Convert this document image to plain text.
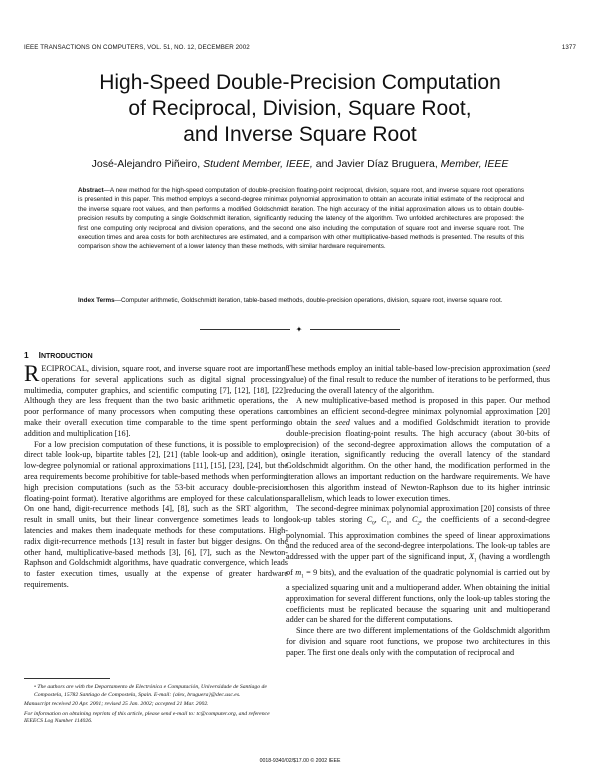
IEEE TRANSACTIONS ON COMPUTERS, VOL. 51, NO. 12, DECEMBER 2002	1377
High-Speed Double-Precision Computation
of Reciprocal, Division, Square Root,
and Inverse Square Root
José-Alejandro Piñeiro, Student Member, IEEE, and Javier Díaz Bruguera, Member, IEEE
Abstract—A new method for the high-speed computation of double-precision floating-point reciprocal, division, square root, and inverse square root operations is presented in this paper. This method employs a second-degree minimax polynomial approximation to obtain an accurate initial estimate of the reciprocal and the inverse square root values, and then performs a modified Goldschmidt iteration. The high accuracy of the initial approximation allows us to obtain double-precision results by computing a single Goldschmidt iteration, significantly reducing the latency of the algorithm. Two unfolded architectures are proposed: the first one computing only reciprocal and division operations, and the second one also including the computation of square root and inverse square root. The execution times and area costs for both architectures are estimated, and a comparison with other multiplicative-based methods is presented. The results of this comparison show the achievement of a lower latency than these methods, with similar hardware requirements.
Index Terms—Computer arithmetic, Goldschmidt iteration, table-based methods, double-precision operations, division, square root, inverse square root.
✦
1 INTRODUCTION

RECIPROCAL, division, square root, and inverse square root are important operations for several applications such as digital signal processing, multimedia, computer graphics, and scientific computing [7], [12], [18], [22]. Although they are less frequent than the two basic arithmetic operations, the poor performance of many processors when computing these operations can make their overall execution time comparable to the time spent performing addition and multiplication [16].

For a low precision computation of these functions, it is possible to employ direct table look-up, bipartite tables [2], [21] (table look-up and addition), or low-degree polynomial or rational approximations [11], [15], [23], [24], but the area requirements become prohibitive for table-based methods when performing high precision computations (such as the 53-bit accuracy double-precision floating-point format). Iterative algorithms are employed for these calculations. On one hand, digit-recurrence methods [4], [8], such as the SRT algorithm, result in small units, but their linear convergence sometimes leads to long latencies and makes them inadequate methods for these computations. High-radix digit-recurrence methods [13] result in faster but bigger designs. On the other hand, multiplicative-based methods [3], [6], [7], such as the Newton-Raphson and Goldschmidt algorithms, have quadratic convergence, which leads to faster execution times, usually at the expense of greater hardware requirements.

These methods employ an initial table-based low-precision approximation (seed value) of the final result to reduce the number of iterations to be performed, thus reducing the overall latency of the algorithm.

A new multiplicative-based method is proposed in this paper. Our method combines an efficient second-degree minimax polynomial approximation [20] to obtain the seed values and a modified Goldschmidt iteration to provide double-precision floating-point results. The high accuracy (about 30-bits of precision) of the second-degree approximation allows the computation of a single iteration, significantly reducing the overall latency of the standard Goldschmidt algorithm. On the other hand, the modification performed in the iteration allows an important reduction on the hardware requirements. We have chosen this algorithm instead of Newton-Raphson due to its higher intrinsic parallelism, which leads to lower execution times.

The second-degree minimax polynomial approximation [20] consists of three look-up tables storing $C_0$, $C_1$, and $C_2$, the coefficients of a second-degree polynomial. This approximation combines the speed of linear approximations and the reduced area of the second-degree interpolations. The look-up tables are addressed with the upper part of the significand input, $X_1$ (having a wordlength of $m_1 = 9$ bits), and the evaluation of the quadratic polynomial is carried out by a specialized squaring unit and a multioperand adder. When obtaining the initial approximation for several different functions, only the look-up tables storing the coefficients must be replicated because the squaring unit and multioperand adder can be shared for the different computations.

Since there are two different implementations of the Goldschmidt algorithm for division and square root functions, we propose two architectures in this paper. The first one deals only with the computation of reciprocal and

• The authors are with the Departamento de Electrónica e Computación, Universidade de Santiago de Compostela, 15782 Santiago de Compostela, Spain. E-mail: {alex, bruguera}@dec.usc.es.

Manuscript received 20 Apr. 2001; revised 25 Jan. 2002; accepted 21 Mar. 2002.

For information on obtaining reprints of this article, please send e-mail to: tc@computer.org, and reference IEEECS Log Number 114026.

0018-9340/02/$17.00 © 2002 IEEE
